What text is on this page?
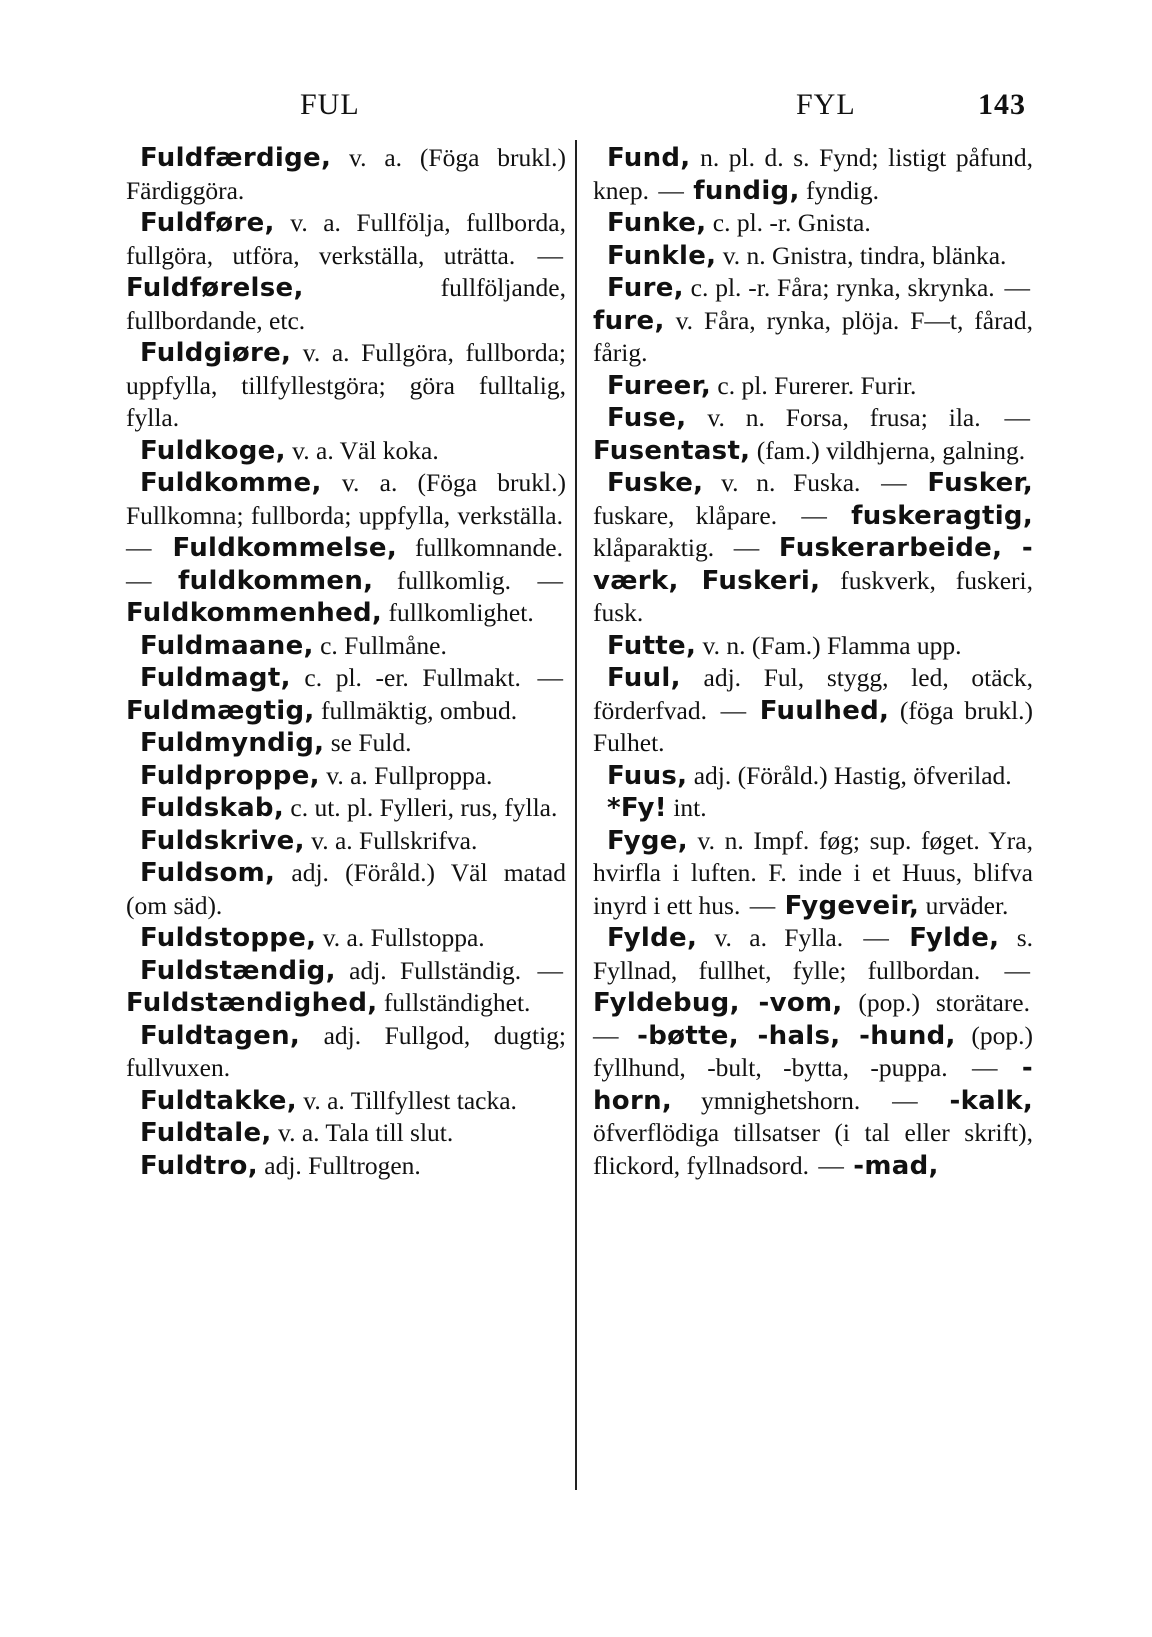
FUL	FYL	143

Fuldfærdige, v. a. (Föga brukl.) Färdiggöra.

Fuldføre, v. a. Fullfölja, fullborda, fullgöra, utföra, verkställa, uträtta. — Fuldførelse,	fullföljande, fullbordande, etc.

Fuldgiøre, v. a. Fullgöra, fullborda; uppfylla, tillfyllestgöra; göra fulltalig, fylla.

Fuldkoge, v. a. Väl koka.

Fuldkomme, v. a. (Föga brukl.) Fullkomna; fullborda; uppfylla, verkställa. — Fuldkommelse, fullkomnande. — fuldkommen, fullkomlig. — Fuldkommenhed, fullkomlighet.

Fuldmaane, c. Fullmåne.

Fuldmagt, c. pl. -er. Fullmakt. — Fuldmægtig, fullmäktig, ombud.

Fuldmyndig, se Fuld.

Fuldproppe, v. a. Fullproppa.

Fuldskab, c. ut. pl. Fylleri, rus, fylla.

Fuldskrive, v. a. Fullskrifva.

Fuldsom, adj. (Föråld.) Väl matad (om säd).

Fuldstoppe, v. a. Fullstoppa.

Fuldstændig, adj. Fullständig. — Fuldstændighed, fullständighet.

Fuldtagen, adj. Fullgod, dugtig; fullvuxen.

Fuldtakke, v. a. Tillfyllest tacka.

Fuldtale, v. a. Tala till slut.

Fuldtro, adj. Fulltrogen.

Fund, n. pl. d. s. Fynd; listigt påfund, knep. — fundig, fyndig.

Funke, c. pl. -r. Gnista.

Funkle, v. n. Gnistra, tindra, blänka.

Fure, c. pl. -r. Fåra; rynka, skrynka. — fure, v. Fåra, rynka, plöja. F—t, fårad, fårig.

Fureer, c. pl. Furerer. Furir.

Fuse, v. n. Forsa, frusa; ila. — Fusentast, (fam.) vildhjerna, galning.

Fuske, v. n. Fuska. — Fusker, fuskare, klåpare. — fuskeragtig, klåparaktig. — Fuskerarbeide, -værk, Fuskeri, fuskverk, fuskeri, fusk.

Futte, v. n. (Fam.) Flamma upp.

Fuul, adj. Ful, stygg, led, otäck, förderfvad. — Fuulhed, (föga brukl.) Fulhet.

Fuus, adj. (Föråld.) Hastig, öfverilad.

*Fy! int.

Fyge, v. n. Impf. føg; sup. føget. Yra, hvirfla i luften. F. inde i et Huus, blifva inyrd i ett hus. — Fygeveir, urväder.

Fylde, v. a. Fylla. — Fylde, s. Fyllnad, fullhet, fylle; fullbordan. — Fyldebug, -vom, (pop.) storätare. — -bøtte, -hals, -hund, (pop.) fyllhund, -bult, -bytta, -puppa. — -horn, ymnighetshorn. — -kalk, öfverflödiga tillsatser (i tal eller skrift), flickord, fyllnadsord. — -mad,
